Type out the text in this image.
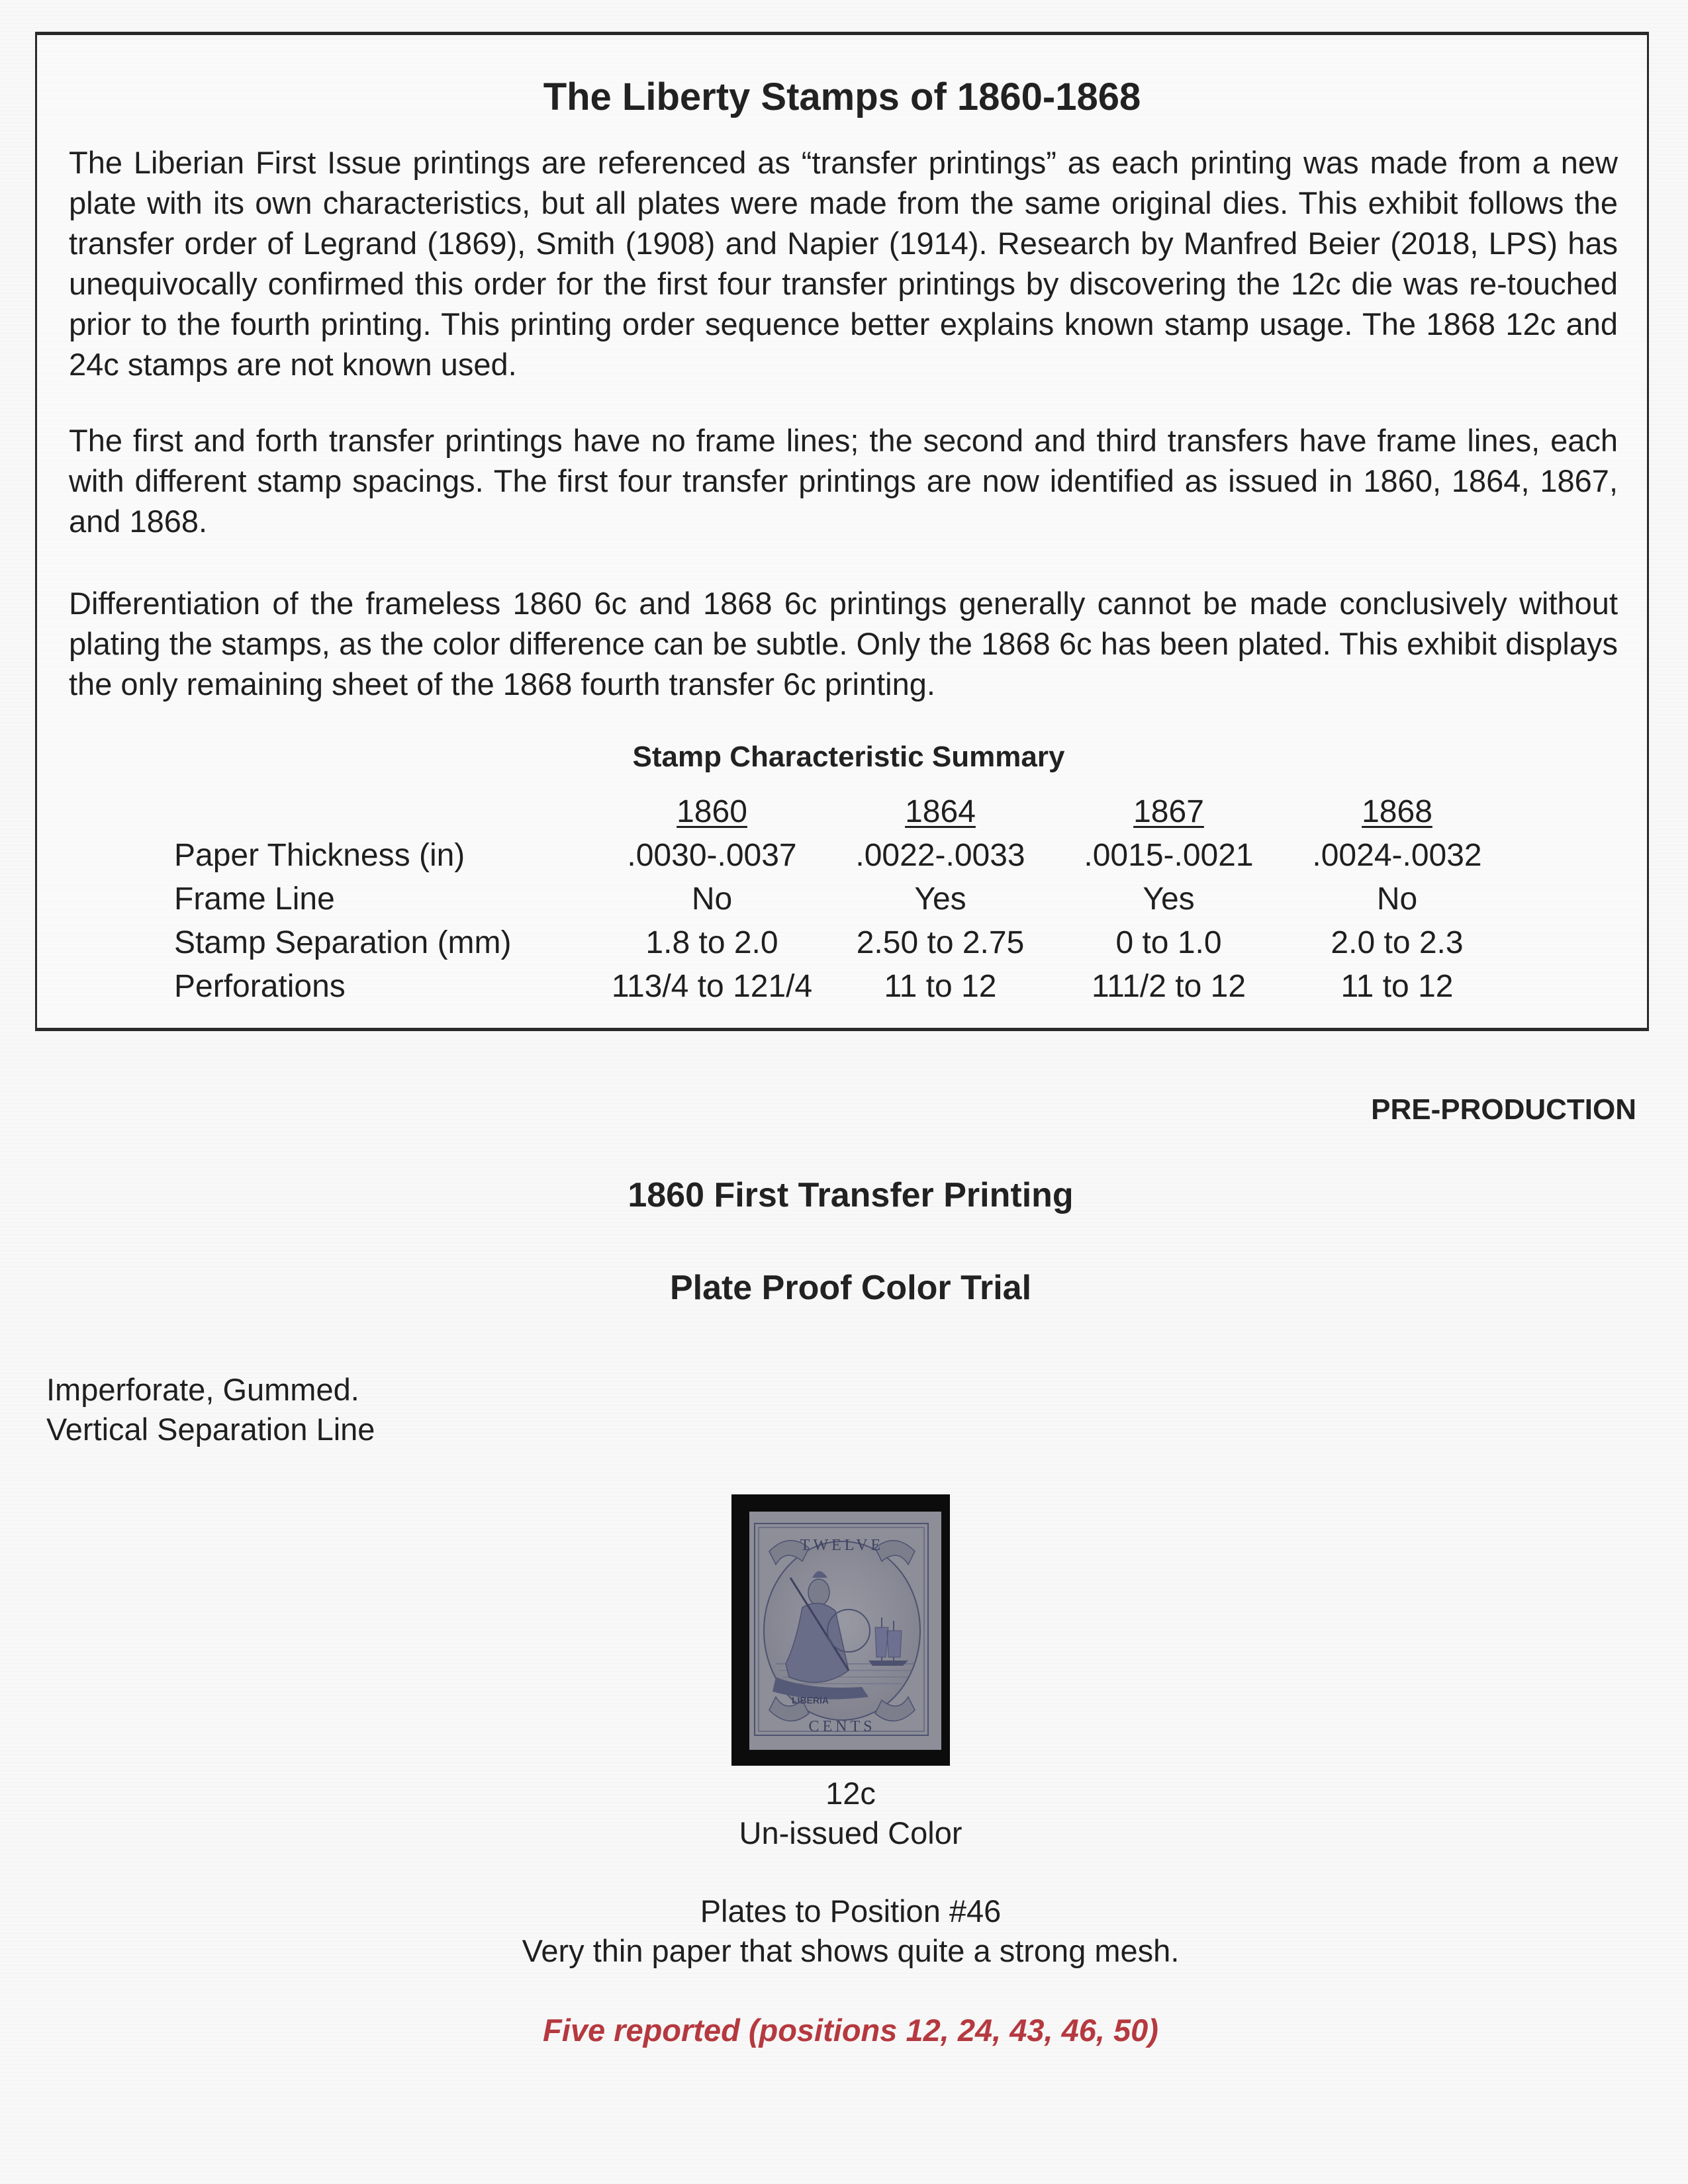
The Liberty Stamps of 1860-1868
The Liberian First Issue printings are referenced as “transfer printings” as each printing was made from a new plate with its own characteristics, but all plates were made from the same original dies. This exhibit follows the transfer order of Legrand (1869), Smith (1908) and Napier (1914). Research by Manfred Beier (2018, LPS) has unequivocally confirmed this order for the first four transfer printings by discovering the 12c die was re-touched prior to the fourth printing. This printing order sequence better explains known stamp usage. The 1868 12c and 24c stamps are not known used.
The first and forth transfer printings have no frame lines; the second and third transfers have frame lines, each with different stamp spacings. The first four transfer printings are now identified as issued in 1860, 1864, 1867, and 1868.
Differentiation of the frameless 1860 6c and 1868 6c printings generally cannot be made conclusively without plating the stamps, as the color difference can be subtle. Only the 1868 6c has been plated. This exhibit displays the only remaining sheet of the 1868 fourth transfer 6c printing.
Stamp Characteristic Summary
	1860	1864	1867	1868
Paper Thickness (in)	.0030-.0037	.0022-.0033	.0015-.0021	.0024-.0032
Frame Line	No	Yes	Yes	No
Stamp Separation (mm)	1.8 to 2.0	2.50 to 2.75	0 to 1.0	2.0 to 2.3
Perforations	113/4 to 121/4	11 to 12	111/2 to 12	11 to 12
PRE-PRODUCTION
1860 First Transfer Printing
Plate Proof Color Trial
Imperforate, Gummed.
Vertical Separation Line
TWELVE
CENTS
LIBERIA
12c
Un-issued Color
Plates to Position #46
Very thin paper that shows quite a strong mesh.
Five reported (positions 12, 24, 43, 46, 50)
